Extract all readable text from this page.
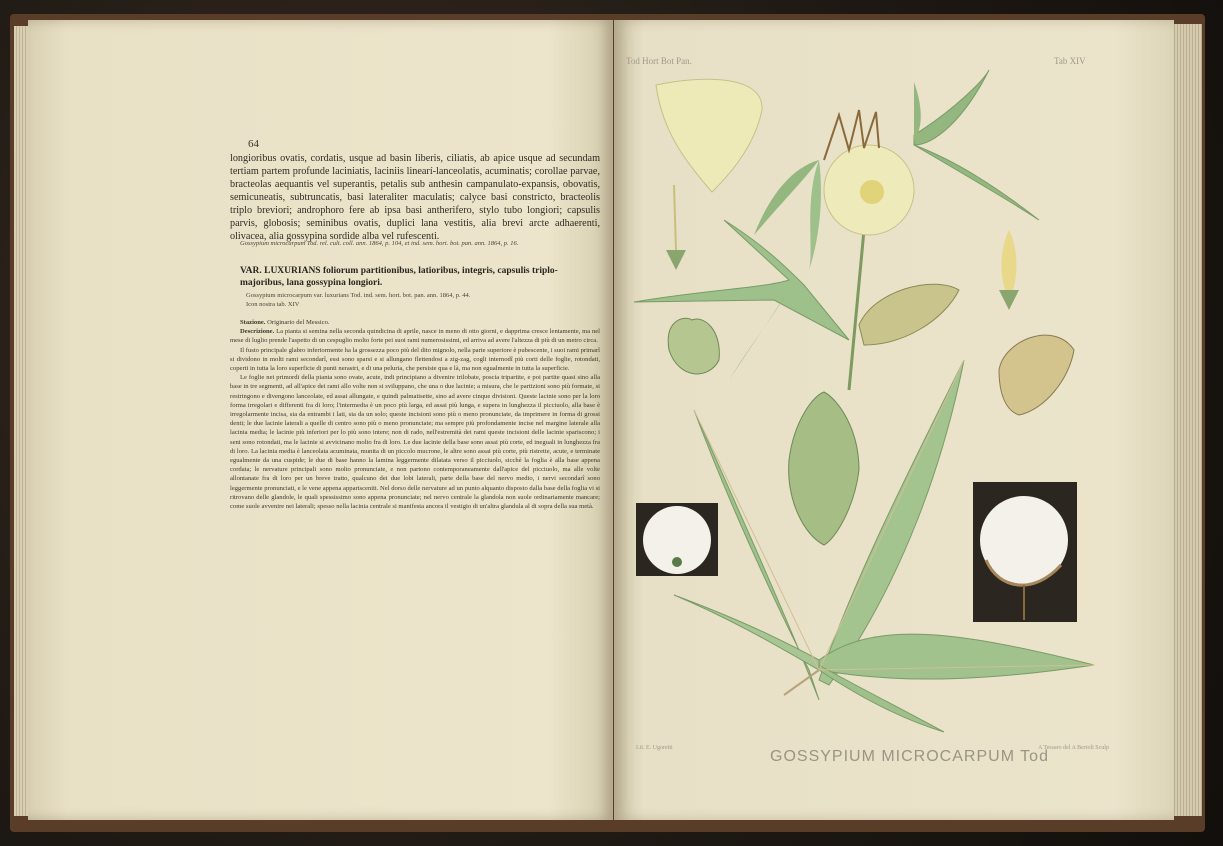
64
longioribus ovatis, cordatis, usque ad basin liberis, ciliatis, ab apice usque ad secundam tertiam partem profunde laciniatis, laciniis linearí-lanceolatis, acuminatis; corollae parvae, bracteolas aequantis vel superantis, petalis sub anthesin campanulato-expansis, obovatis, semicuneatis, subtruncatis, basi lateraliter maculatis; calyce basi constricto, bracteolis triplo breviori; androphoro fere ab ipsa basi antherifero, stylo tubo longiori; capsulis parvis, globosis; seminibus ovatis, duplici lana vestitis, alia brevi arcte adhaerenti, olivacea, alia gossypina sordide alba vel rufescenti.
Gossypium microcarpum Tod. rel. cult. coll. ann. 1864, p. 104, et ind. sem. hort. bot. pan. ann. 1864, p. 16.
VAR. LUXURIANS foliorum partitionibus, latioribus, integris, capsulis triplo-majoribus, lana gossypina longiori.
Gossypium microcarpum var. luxurians Tod. ind. sem. hort. bot. pan. ann. 1864, p. 44.
Icon nostra tab. XIV

Stazione. Originario del Messico.

Descrizione. La pianta si semina nella seconda quindicina di aprile, nasce in meno di otto giorni, e dapprima cresce lentamente, ma nel mese di luglio prende l'aspetto di un cespuglio molto forte pei suoi rami numerosissimi, ed arriva ad avere l'altezza di più di un metro circa.

Il fusto principale glabro inferiormente ha la grossezza poco più del dito mignolo, nella parte superiore è pubescente, i suoi rami primarî si dividono in molti rami secondarî, essi sono sparsi e si allungano flettendosi a zig-zag, cogli internodî più corti delle foglie, rotondati, coperti in tutta la loro superficie di punti nerastri, e di una peluria, che persiste qua e là, ma non egualmente in tutta la superficie.

Le foglie nei primordi della pianta sono ovate, acute, indi principiano a divenire trilobate, poscia tripartite, e poi partite quasi sino alla base in tre segmenti, ad all'apice dei rami allo volte non si sviluppano, che una o due lacinie; a misura, che le partizioni sono più formate, si restringono e divengono lanceolate, ed assai allungate, e quindi palmatisette, sino ad avere cinque divisioni. Queste lacinie sono per la loro forma irregolari e differenti fra di loro; l'intermedia è un poco più larga, ed assai più lunga, e supera in lunghezza il picciuolo, alla base è irregolarmente incisa, sia da entrambi i lati, sia da un solo; queste incisioni sono più o meno pronunciate, da imprimere in forma di grossi denti; le due lacinie laterali a quelle di centro sono più o meno pronunciate; ma sempre più profondamente incise nel margine laterale alla lacinia media; le lacinie più inferiori per lo più sono intere; non di rado, nell'estremità dei rami queste incisioni delle lacinie spariscono; i seni sono rotondati, ma le lacinie si avvicinano molto fra di loro. Le due lacinie della base sono assai più corte, ed ineguali in lunghezza fra di loro. La lacinia media è lanceolata acuminata, munita di un piccolo mucrone, le altre sono assai più corte, più ristrette, acute, e terminate egualmente da una cuspide; le due di base hanno la lamina leggermente dilatata verso il picciuolo, sicchè la foglia è alla base appena cordata; le nervature principali sono molto pronunciate, e non partono contemporaneamente dall'apice del picciuolo, ma alle volte allontanate fra di loro per un breve tratto, qualcuno dei due lobi laterali, parte della base del nervo medio, i nervi secondarî sono leggermente pronunciati, e le vene appena apparisceniti. Nel dorso delle nervature ad un punto alquanto disposto dalla base della foglia vi si ritrovano delle glandole, le quali spessissimo sono appena pronunciate; nel nervo centrale la glandola non suole ordinariamente mancare; come suole avvenire nei laterali; spesso nella lacinia centrale si manifesta ancora il vestigio di un'altra glandula al di sopra della sua metà.

Tod Hort Bot Pan.	Tab XIV
GOSSYPIUM MICROCARPUM Tod
Lit. E. Ugoretti	A Tessaro del A Bertoli Sculp
